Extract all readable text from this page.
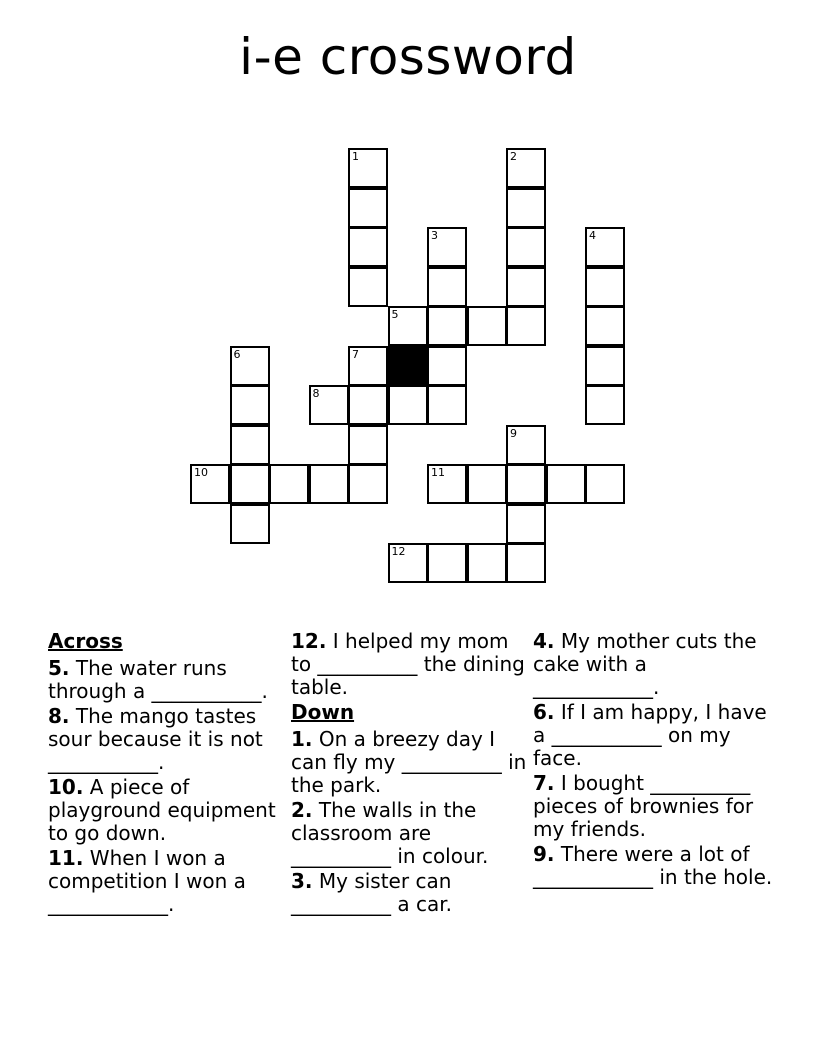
i-e crossword
1	2
3	4
5
6	7
8
9
10	11
12
Across
5. The water runs through a ___________.
8. The mango tastes sour because it is not ___________.
10. A piece of playground equipment to go down.
11. When I won a competition I won a ____________.
12. I helped my mom to __________ the dining table.
Down
1. On a breezy day I can fly my __________ in the park.
2. The walls in the classroom are __________ in colour.
3. My sister can __________ a car.
4. My mother cuts the cake with a ____________.
6. If I am happy, I have a ___________ on my face.
7. I bought __________ pieces of brownies for my friends.
9. There were a lot of ____________ in the hole.
